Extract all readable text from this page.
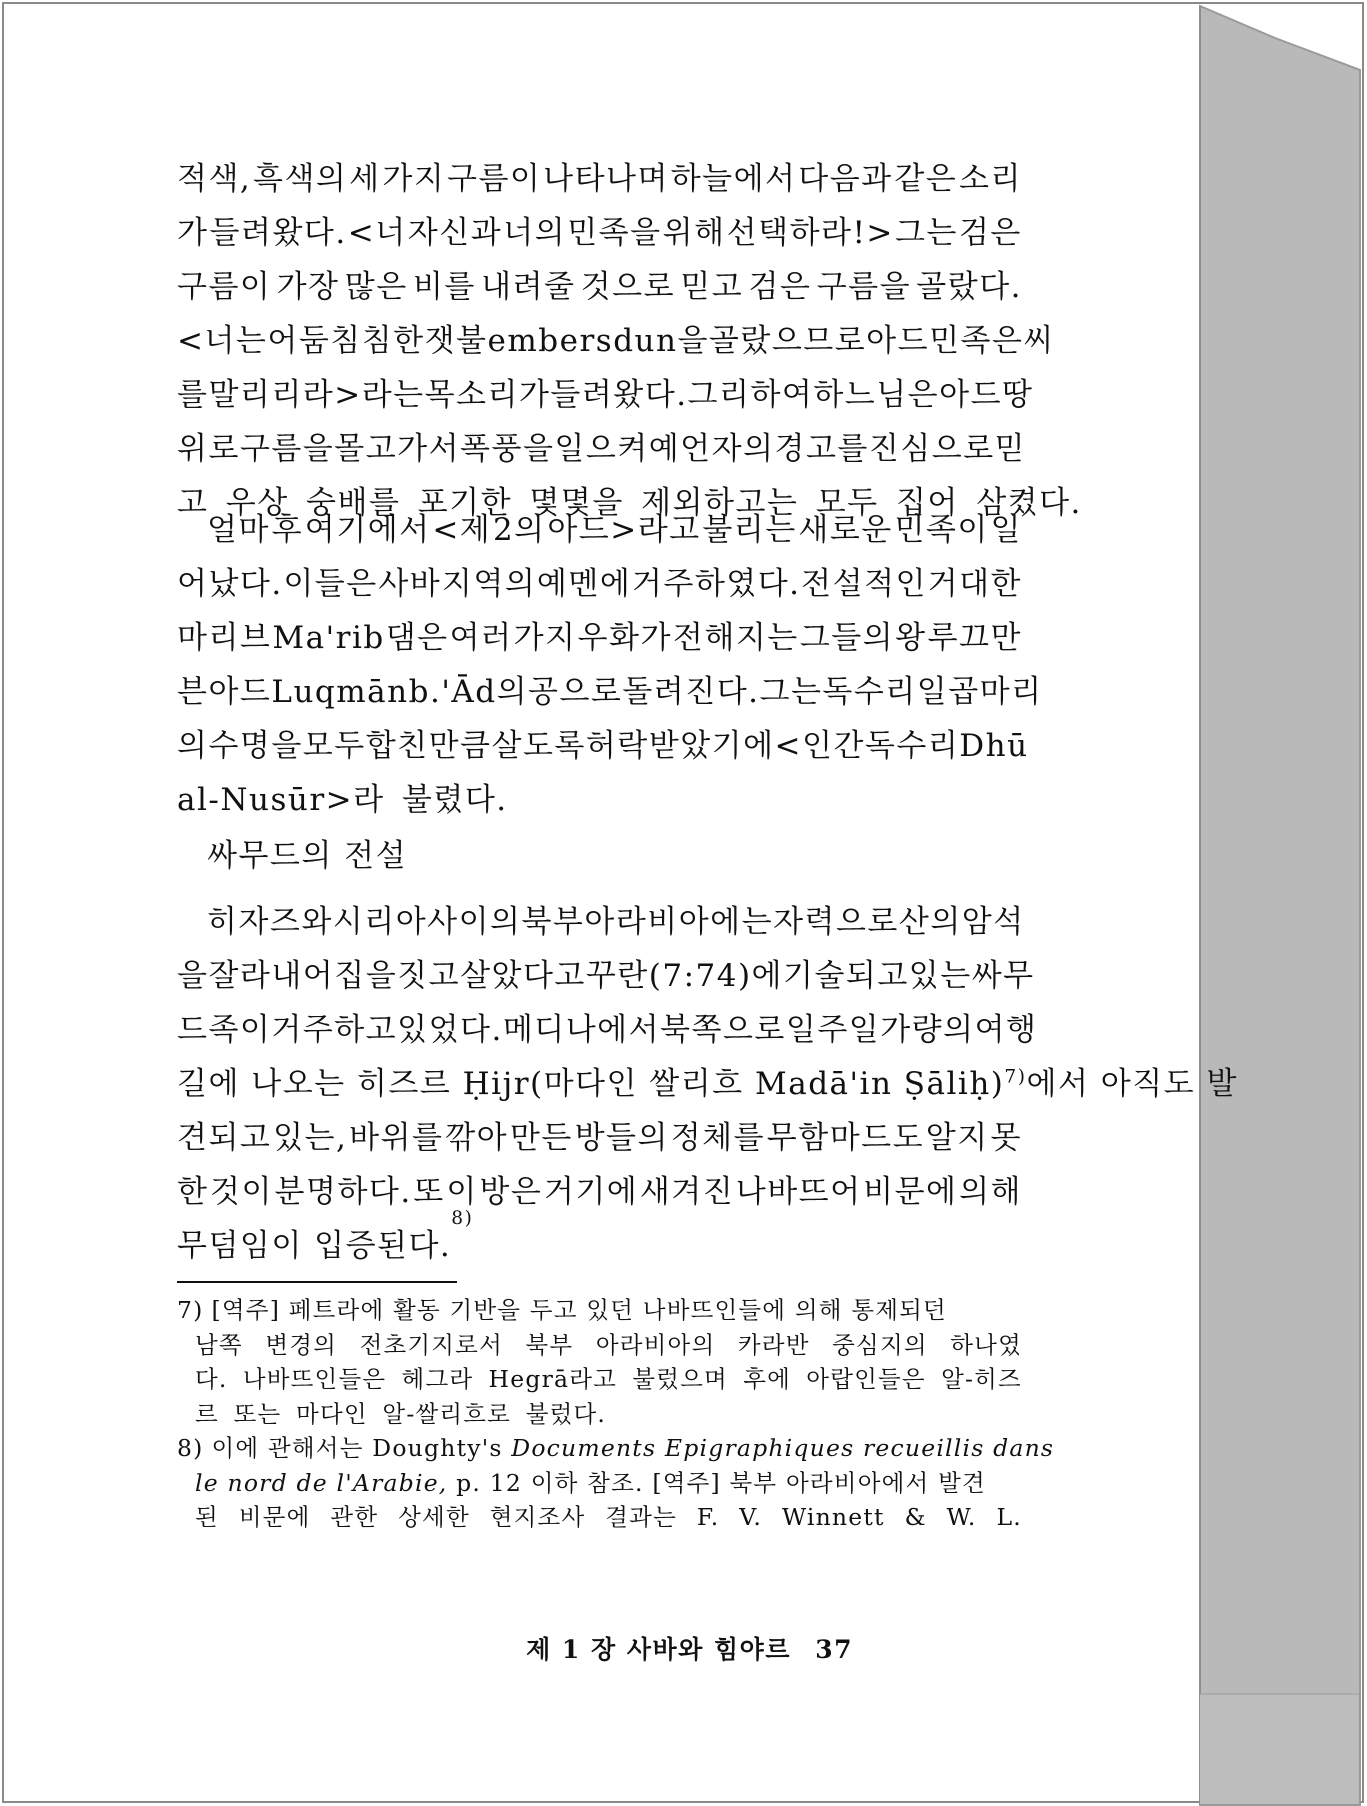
적색, 흑색의 세 가지 구름이 나타나며 하늘에서 다음과 같은 소리
가 들려왔다. <너 자신과 너의 민족을 위해 선택하라!> 그는 검은
구름이 가장 많은 비를 내려줄 것으로 믿고 검은 구름을 골랐다.
<너는 어둠침침한 잿불 embers dun을 골랐으므로 아드 민족은 씨
를 말리리라>라는 목소리가 들려왔다. 그리하여 하느님은 아드 땅
위로 구름을 몰고가서 폭풍을 일으켜 예언자의 경고를 진심으로 믿
고 우상 숭배를 포기한 몇몇을 제외하고는 모두 집어 삼켰다.
얼마 후 여기에서 <제 2의 아드>라고 불리는 새로운 민족이 일
어났다. 이들은 사바 지역의 예멘에 거주하였다. 전설적인 거대한
마리브 Ma'rib 댐은 여러 가지 우화가 전해지는 그들의 왕 루끄만
븐 아드 Luqmān b. 'Ād의 공으로 돌려진다. 그는 독수리 일곱 마리
의 수명을 모두 합친 만큼 살도록 허락받았기에 <인간 독수리 Dhū
al-Nusūr>라 불렸다.
싸무드의 전설
히자즈와 시리아 사이의 북부 아라비아에는 자력으로 산의 암석
을 잘라내어 집을 짓고 살았다고 꾸란(7:74)에 기술되고 있는 싸무
드족이 거주하고 있었다. 메디나에서 북쪽으로 일주일 가량의 여행
길에 나오는 히즈르 Ḥijr(마다인 쌀리흐 Madā'in Ṣāliḥ)$^{7)}$에서 아직도 발
견되고 있는, 바위를 깎아 만든 방들의 정체를 무함마드도 알지 못
한 것이 분명하다. 또 이 방은 거기에 새겨진 나바뜨어 비문에 의해
무덤임이 입증된다.
8)
7) [역주] 페트라에 활동 기반을 두고 있던 나바뜨인들에 의해 통제되던
남쪽 변경의 전초기지로서 북부 아라비아의 카라반 중심지의 하나였
다. 나바뜨인들은 헤그라 Hegrā라고 불렀으며 후에 아랍인들은 알-히즈
르 또는 마다인 알-쌀리흐로 불렀다.
8) 이에 관해서는 Doughty's Documents Epigraphiques recueillis dans
le nord de l'Arabie, p. 12 이하 참조. [역주] 북부 아라비아에서 발견
된 비문에 관한 상세한 현지조사 결과는 F. V. Winnett & W. L.
제 1 장 사바와 힘야르 37
